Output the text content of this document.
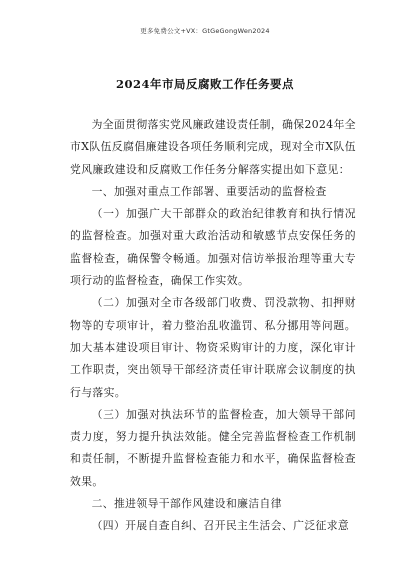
更多免费公文+VX：GtGeGongWen2024
2024年市局反腐败工作任务要点

为全面贯彻落实党风廉政建设责任制，确保2024年全市X队伍反腐倡廉建设各项任务顺利完成，现对全市X队伍党风廉政建设和反腐败工作任务分解落实提出如下意见：

一、加强对重点工作部署、重要活动的监督检查

（一）加强广大干部群众的政治纪律教育和执行情况的监督检查。加强对重大政治活动和敏感节点安保任务的监督检查，确保警令畅通。加强对信访举报治理等重大专项行动的监督检查，确保工作实效。

（二）加强对全市各级部门收费、罚没款物、扣押财物等的专项审计，着力整治乱收滥罚、私分挪用等问题。加大基本建设项目审计、物资采购审计的力度，深化审计工作职责，突出领导干部经济责任审计联席会议制度的执行与落实。

（三）加强对执法环节的监督检查，加大领导干部问责力度，努力提升执法效能。健全完善监督检查工作机制和责任制，不断提升监督检查能力和水平，确保监督检查效果。

二、推进领导干部作风建设和廉洁自律

（四）开展自查自纠、召开民主生活会、广泛征求意
